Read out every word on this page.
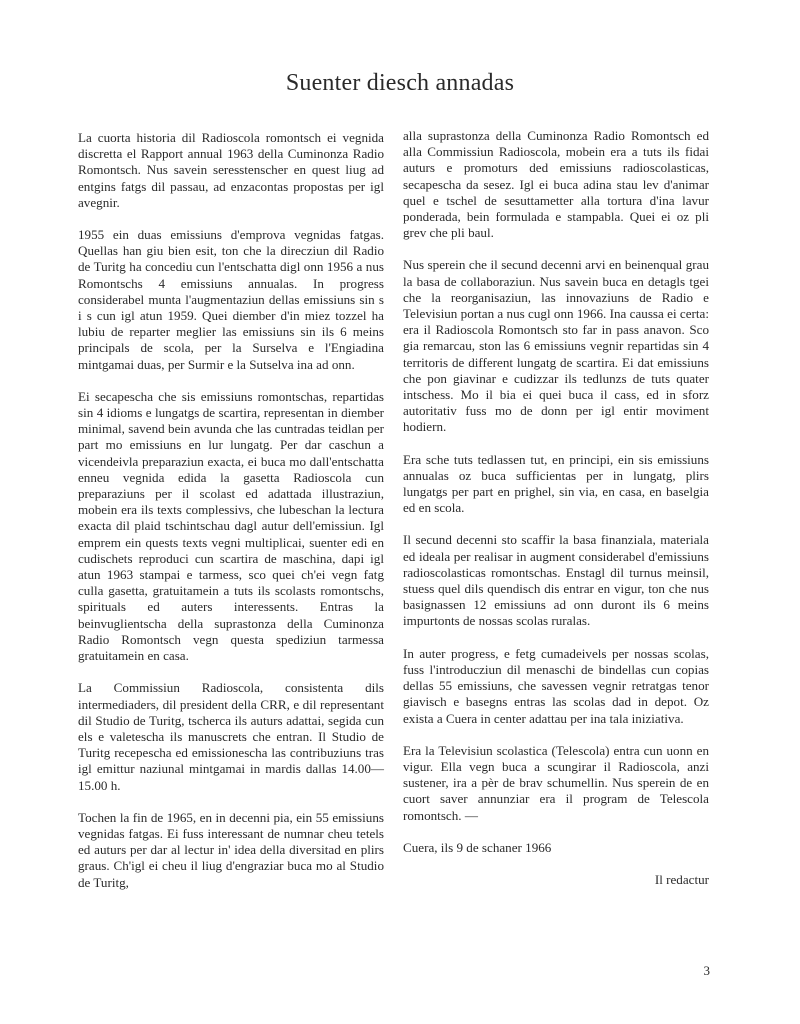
Suenter diesch annadas

La cuorta historia dil Radioscola romontsch ei vegnida discretta el Rapport annual 1963 della Cuminonza Radio Romontsch. Nus savein seresstenscher en quest liug ad entgins fatgs dil passau, ad enzacontas propostas per igl avegnir.

1955 ein duas emissiuns d'emprova vegnidas fatgas. Quellas han giu bien esit, ton che la direcziun dil Radio de Turitg ha concediu cun l'entschatta digl onn 1956 a nus Romontschs 4 emissiuns annualas. In progress considerabel munta l'augmentaziun dellas emissiuns sin s i s cun igl atun 1959. Quei diember d'in miez tozzel ha lubiu de reparter meglier las emissiuns sin ils 6 meins principals de scola, per la Surselva e l'Engiadina mintgamai duas, per Surmir e la Sutselva ina ad onn.

Ei secapescha che sis emissiuns romontschas, repartidas sin 4 idioms e lungatgs de scartira, representan in diember minimal, savend bein avunda che las cuntradas teidlan per part mo emissiuns en lur lungatg. Per dar caschun a vicendeivla preparaziun exacta, ei buca mo dall'entschatta enneu vegnida edida la gasetta Radioscola cun preparaziuns per il scolast ed adattada illustraziun, mobein era ils texts complessivs, che lubeschan la lectura exacta dil plaid tschintschau dagl autur dell'emissiun. Igl emprem ein quests texts vegni multiplicai, suenter edi en cudischets reproduci cun scartira de maschina, dapi igl atun 1963 stampai e tarmess, sco quei ch'ei vegn fatg culla gasetta, gratuitamein a tuts ils scolasts romontschs, spirituals ed auters interessents. Entras la beinvuglientscha della suprastonza della Cuminonza Radio Romontsch vegn questa spediziun tarmessa gratuitamein en casa.

La Commissiun Radioscola, consistenta dils intermediaders, dil president della CRR, e dil representant dil Studio de Turitg, tscherca ils auturs adattai, segida cun els e valetescha ils manuscrets che entran. Il Studio de Turitg recepescha ed emissionescha las contribuziuns tras igl emittur naziunal mintgamai in mardis dallas 14.00—15.00 h.

Tochen la fin de 1965, en in decenni pia, ein 55 emissiuns vegnidas fatgas. Ei fuss interessant de numnar cheu tetels ed auturs per dar al lectur in' idea della diversitad en plirs graus. Ch'igl ei cheu il liug d'engraziar buca mo al Studio de Turitg,

alla suprastonza della Cuminonza Radio Romontsch ed alla Commissiun Radioscola, mobein era a tuts ils fidai auturs e promoturs ded emissiuns radioscolasticas, secapescha da sesez. Igl ei buca adina stau lev d'animar quel e tschel de sesuttametter alla tortura d'ina lavur ponderada, bein formulada e stampabla. Quei ei oz pli grev che pli baul.

Nus sperein che il secund decenni arvi en beinenqual grau la basa de collaboraziun. Nus savein buca en detagls tgei che la reorganisaziun, las innovaziuns de Radio e Televisiun portan a nus cugl onn 1966. Ina caussa ei certa: era il Radioscola Romontsch sto far in pass anavon. Sco gia remarcau, ston las 6 emissiuns vegnir repartidas sin 4 territoris de different lungatg de scartira. Ei dat emissiuns che pon giavinar e cudizzar ils tedlunzs de tuts quater intschess. Mo il bia ei quei buca il cass, ed in sforz autoritativ fuss mo de donn per igl entir moviment hodiern.

Era sche tuts tedlassen tut, en principi, ein sis emissiuns annualas oz buca sufficientas per in lungatg, plirs lungatgs per part en prighel, sin via, en casa, en baselgia ed en scola.

Il secund decenni sto scaffir la basa finanziala, materiala ed ideala per realisar in augment considerabel d'emissiuns radioscolasticas romontschas. Enstagl dil turnus meinsil, stuess quel dils quendisch dis entrar en vigur, ton che nus basignassen 12 emissiuns ad onn duront ils 6 meins impurtonts de nossas scolas ruralas.

In auter progress, e fetg cumadeivels per nossas scolas, fuss l'introducziun dil menaschi de bindellas cun copias dellas 55 emissiuns, che savessen vegnir retratgas tenor giavisch e basegns entras las scolas dad in depot. Oz exista a Cuera in center adattau per ina tala iniziativa.

Era la Televisiun scolastica (Telescola) entra cun uonn en vigur. Ella vegn buca a scungirar il Radioscola, anzi sustener, ira a pèr de brav schumellin. Nus sperein de en cuort saver annunziar era il program de Telescola romontsch. —

Cuera, ils 9 de schaner 1966

Il redactur

3
